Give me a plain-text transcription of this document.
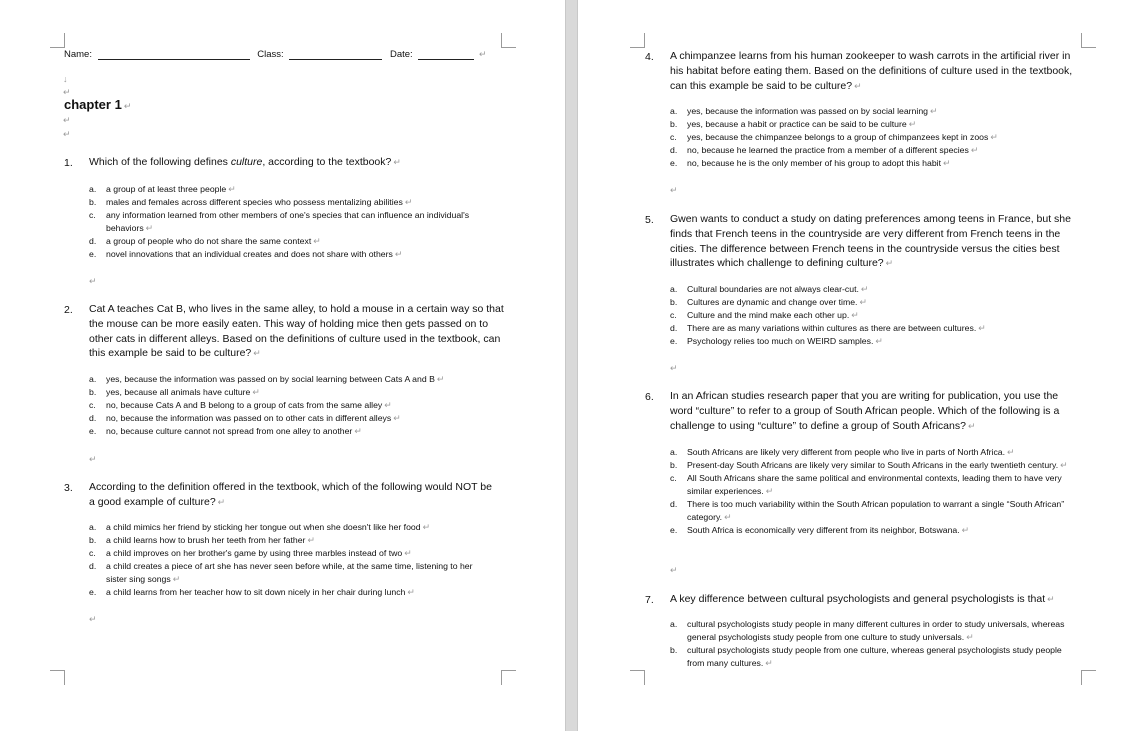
Name:	Class:	Date:  ↵
↓
↵
chapter 1 ↵
↵
↵
1. Which of the following defines culture, according to the textbook? ↵
a. a group of at least three people ↵
b. males and females across different species who possess mentalizing abilities ↵
c. any information learned from other members of one's species that can influence an individual's behaviors ↵
d. a group of people who do not share the same context ↵
e. novel innovations that an individual creates and does not share with others ↵
↵
2. Cat A teaches Cat B, who lives in the same alley, to hold a mouse in a certain way so that the mouse can be more easily eaten. This way of holding mice then gets passed on to other cats in different alleys. Based on the definitions of culture used in the textbook, can this example be said to be culture? ↵
a. yes, because the information was passed on by social learning between Cats A and B ↵
b. yes, because all animals have culture ↵
c. no, because Cats A and B belong to a group of cats from the same alley ↵
d. no, because the information was passed on to other cats in different alleys ↵
e. no, because culture cannot not spread from one alley to another ↵
↵
3. According to the definition offered in the textbook, which of the following would NOT be a good example of culture? ↵
a. a child mimics her friend by sticking her tongue out when she doesn't like her food ↵
b. a child learns how to brush her teeth from her father ↵
c. a child improves on her brother's game by using three marbles instead of two ↵
d. a child creates a piece of art she has never seen before while, at the same time, listening to her sister sing songs ↵
e. a child learns from her teacher how to sit down nicely in her chair during lunch ↵
↵
4. A chimpanzee learns from his human zookeeper to wash carrots in the artificial river in his habitat before eating them. Based on the definitions of culture used in the textbook, can this example be said to be culture? ↵
a. yes, because the information was passed on by social learning ↵
b. yes, because a habit or practice can be said to be culture ↵
c. yes, because the chimpanzee belongs to a group of chimpanzees kept in zoos ↵
d. no, because he learned the practice from a member of a different species ↵
e. no, because he is the only member of his group to adopt this habit ↵
↵
5. Gwen wants to conduct a study on dating preferences among teens in France, but she finds that French teens in the countryside are very different from French teens in the cities. The difference between French teens in the countryside versus the cities best illustrates which challenge to defining culture? ↵
a. Cultural boundaries are not always clear-cut. ↵
b. Cultures are dynamic and change over time. ↵
c. Culture and the mind make each other up. ↵
d. There are as many variations within cultures as there are between cultures. ↵
e. Psychology relies too much on WEIRD samples. ↵
↵
6. In an African studies research paper that you are writing for publication, you use the word “culture” to refer to a group of South African people. Which of the following is a challenge to using “culture” to define a group of South Africans? ↵
a. South Africans are likely very different from people who live in parts of North Africa. ↵
b. Present-day South Africans are likely very similar to South Africans in the early twentieth century. ↵
c. All South Africans share the same political and environmental contexts, leading them to have very similar experiences. ↵
d. There is too much variability within the South African population to warrant a single “South African” category. ↵
e. South Africa is economically very different from its neighbor, Botswana. ↵
↵
7. A key difference between cultural psychologists and general psychologists is that ↵
a. cultural psychologists study people in many different cultures in order to study universals, whereas general psychologists study people from one culture to study universals. ↵
b. cultural psychologists study people from one culture, whereas general psychologists study people from many cultures. ↵
